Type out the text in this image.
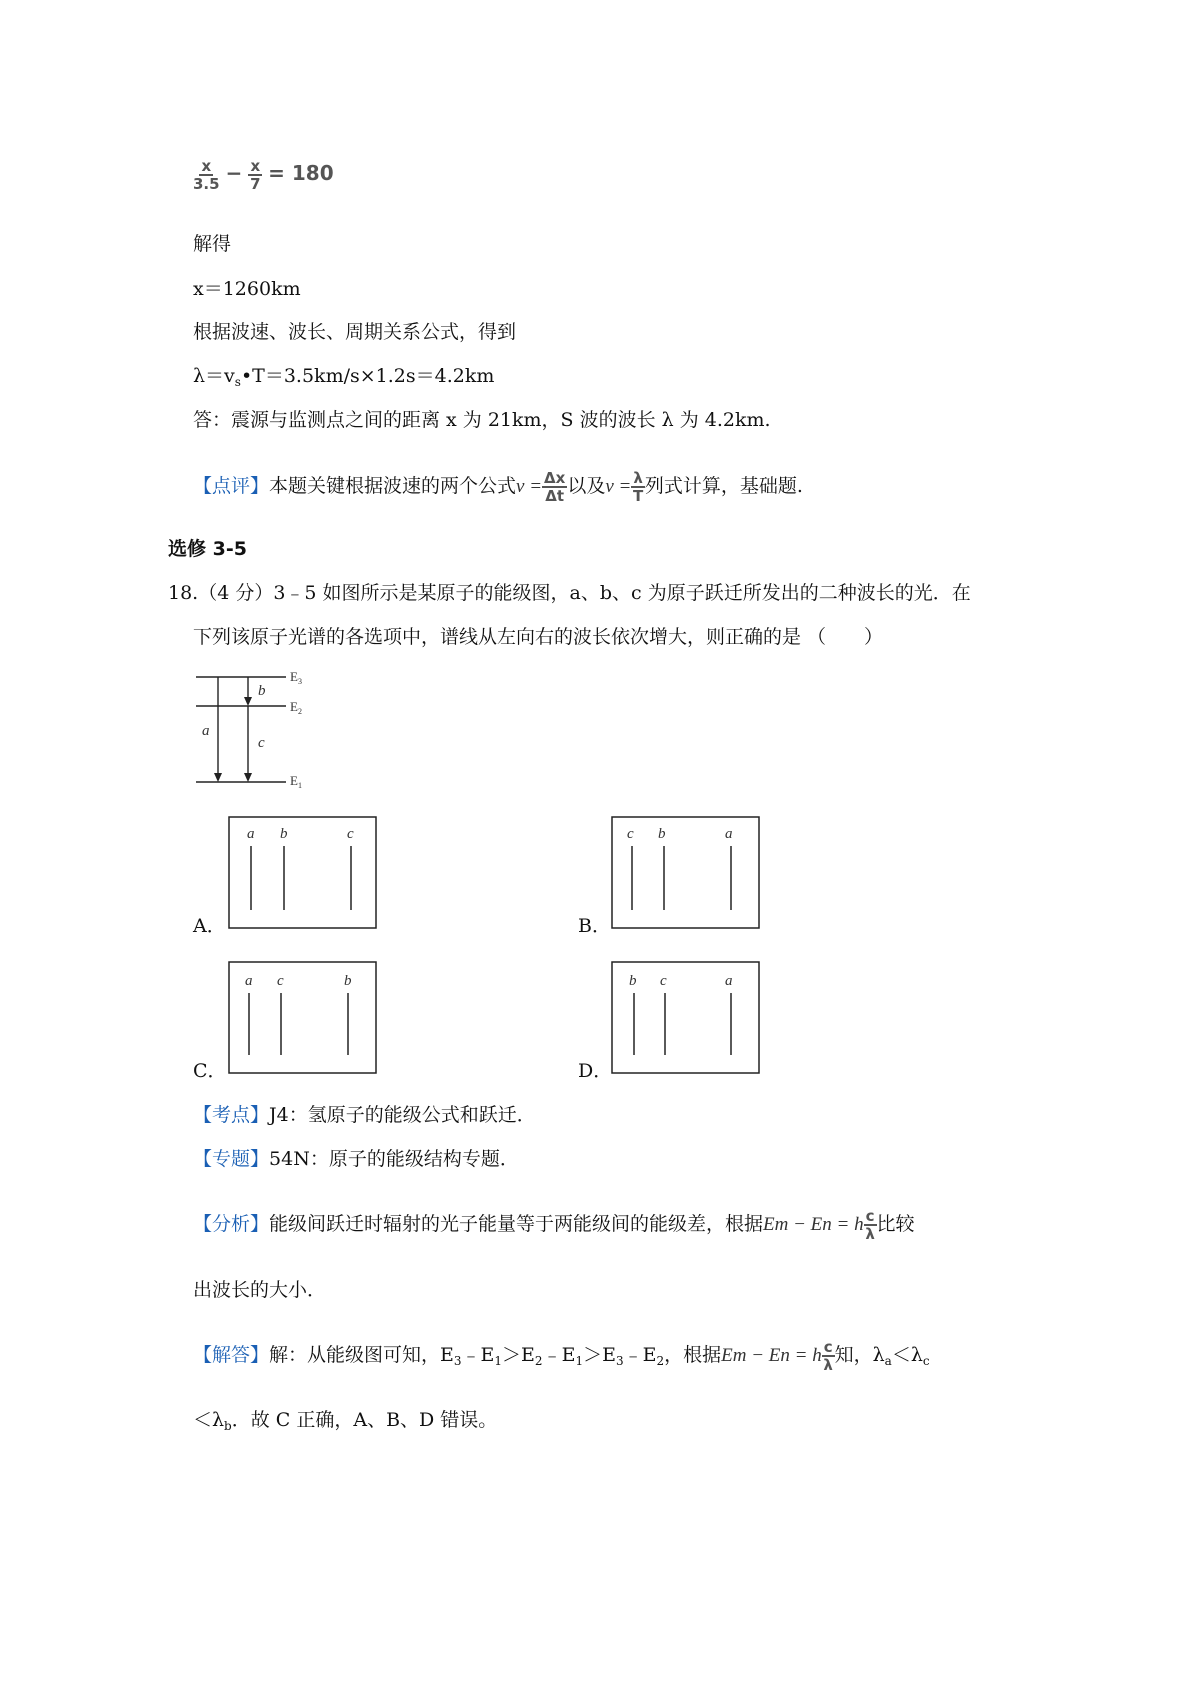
$\frac{x}{3.5} - \frac{x}{7} = 180$
解得
x＝1260km
根据波速、波长、周期关系公式，得到
$\lambda=v_s•T=3.5km/s\times 1.2s=4.2km$
答：震源与监测点之间的距离 x 为 21km，S 波的波长 λ 为 4.2km.
【点评】本题关键根据波速的两个公式$v = \frac{\Delta x}{\Delta t}$ 以及$v = \frac{\lambda}{T}$ 列式计算，基础题.
选修 3-5
18.（4 分）3﹣5 如图所示是某原子的能级图，a、b、c 为原子跃迁所发出的二种波长的光．在
下列该原子光谱的各选项中，谱线从左向右的波长依次增大，则正确的是 （　　）
$E_3$
$E_2$
$E_1$
a
b
c
A．
a b	c
B．
c b	a
C．
a c	b
D．
b c	a
【考点】J4：氢原子的能级公式和跃迁．
【专题】54N：原子的能级结构专题．
【分析】能级间跃迁时辐射的光子能量等于两能级间的能级差，根据Em − En = h $\frac{c}{\lambda}$ 比较
出波长的大小．
【解答】解：从能级图可知，$E_3﹣E_1>E_2﹣E_1>E_3﹣E_2$，根据Em − En = h $\frac{c}{\lambda}$ 知，$\lambda_a<\lambda_c$
$<\lambda_b$．故 C 正确，A、B、D 错误。
